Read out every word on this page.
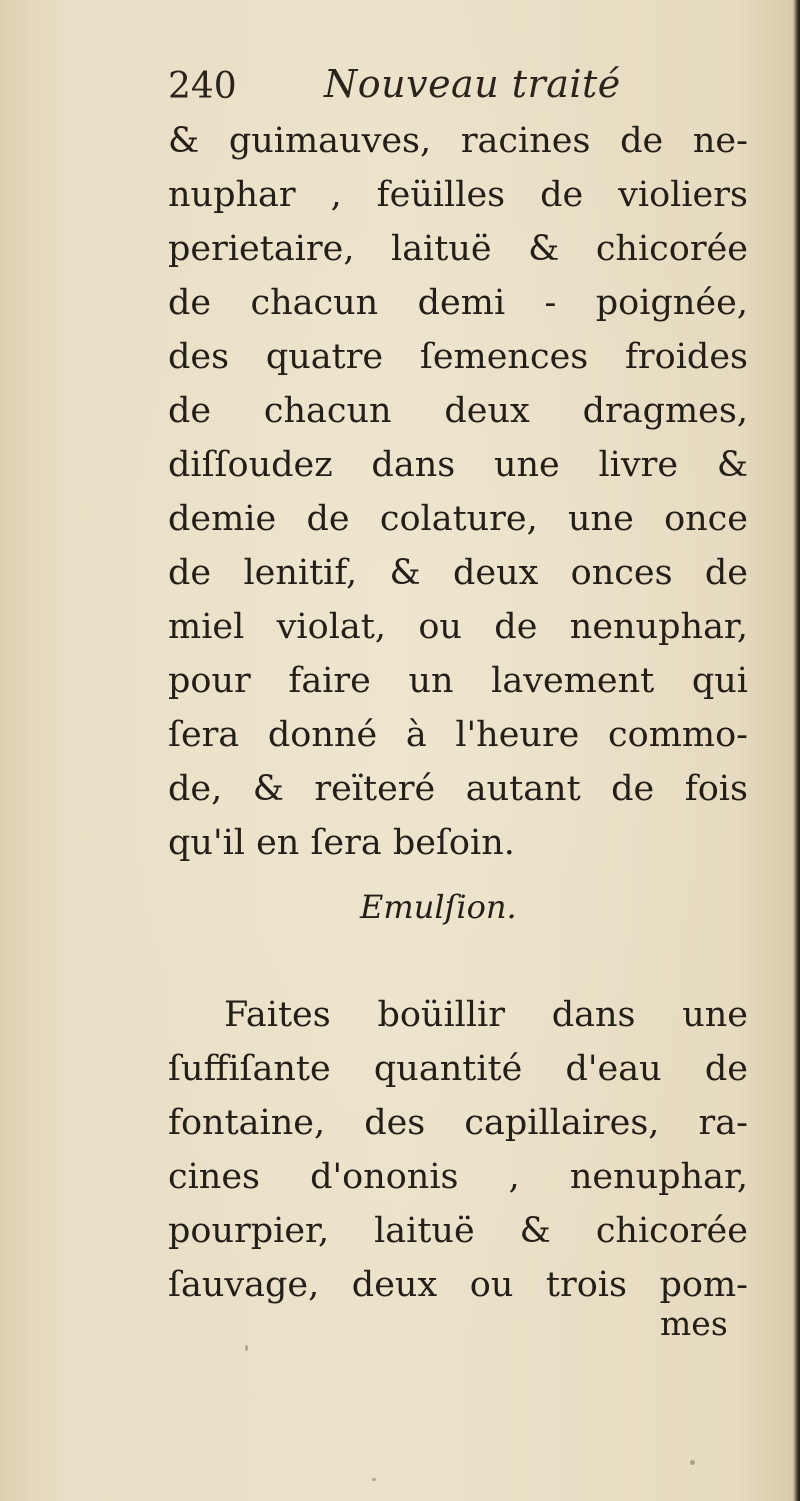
240 Nouveau traité
& guimauves, racines de ne-
nuphar , feüilles de violiers
perietaire, laituë & chicorée
de chacun demi - poignée,
des quatre ſemences froides
de chacun deux dragmes,
diſſoudez dans une livre &
demie de colature, une once
de lenitif, & deux onces de
miel violat, ou de nenuphar,
pour faire un lavement qui
ſera donné à l'heure commo-
de, & reïteré autant de fois
qu'il en ſera beſoin.
Emulſion.
Faites boüillir dans une
ſuffiſante quantité d'eau de
fontaine, des capillaires, ra-
cines d'ononis , nenuphar,
pourpier, laituë & chicorée
ſauvage, deux ou trois pom-
mes
